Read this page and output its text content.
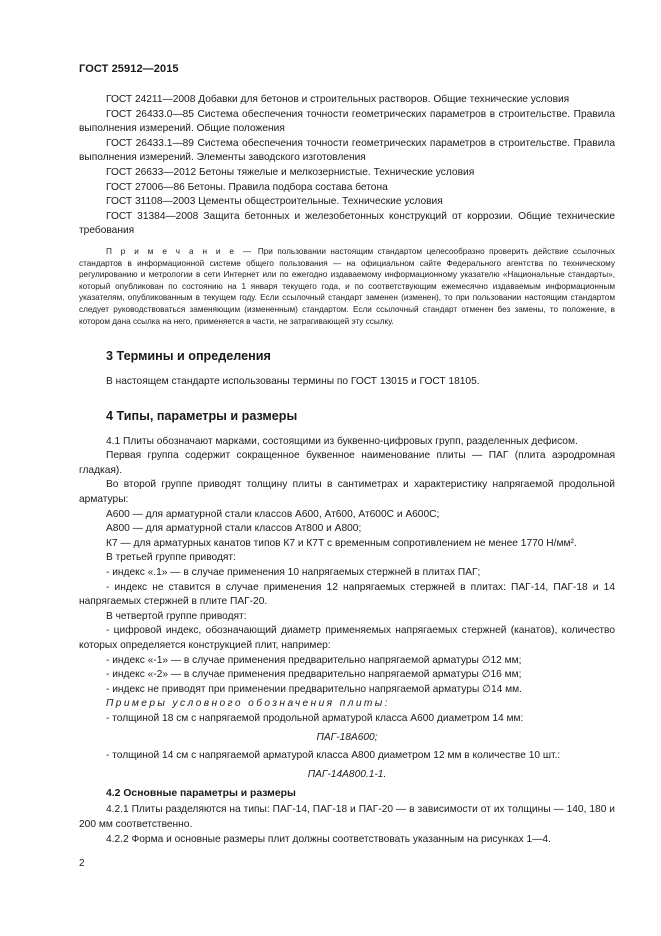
ГОСТ 25912—2015

ГОСТ 24211—2008 Добавки для бетонов и строительных растворов. Общие технические условия

ГОСТ 26433.0—85 Система обеспечения точности геометрических параметров в строительстве. Правила выполнения измерений. Общие положения

ГОСТ 26433.1—89 Система обеспечения точности геометрических параметров в строительстве. Правила выполнения измерений. Элементы заводского изготовления

ГОСТ 26633—2012 Бетоны тяжелые и мелкозернистые. Технические условия

ГОСТ 27006—86 Бетоны. Правила подбора состава бетона

ГОСТ 31108—2003 Цементы общестроительные. Технические условия

ГОСТ 31384—2008 Защита бетонных и железобетонных конструкций от коррозии. Общие технические требования

П р и м е ч а н и е — При пользовании настоящим стандартом целесообразно проверить действие ссылочных стандартов в информационной системе общего пользования — на официальном сайте Федерального агентства по техническому регулированию и метрологии в сети Интернет или по ежегодно издаваемому информационному указателю «Национальные стандарты», который опубликован по состоянию на 1 января текущего года, и по соответствующим ежемесячно издаваемым информационным указателям, опубликованным в текущем году. Если ссылочный стандарт заменен (изменен), то при пользовании настоящим стандартом следует руководствоваться заменяющим (измененным) стандартом. Если ссылочный стандарт отменен без замены, то положение, в котором дана ссылка на него, применяется в части, не затрагивающей эту ссылку.

3 Термины и определения

В настоящем стандарте использованы термины по ГОСТ 13015 и ГОСТ 18105.

4 Типы, параметры и размеры

4.1 Плиты обозначают марками, состоящими из буквенно-цифровых групп, разделенных дефисом.

Первая группа содержит сокращенное буквенное наименование плиты — ПАГ (плита аэродромная гладкая).

Во второй группе приводят толщину плиты в сантиметрах и характеристику напрягаемой продольной арматуры:

А600 — для арматурной стали классов А600, Ат600, Ат600С и А600С;

А800 — для арматурной стали классов Ат800 и А800;

К7 — для арматурных канатов типов К7 и К7Т с временным сопротивлением не менее 1770 Н/мм².

В третьей группе приводят:

- индекс «.1» — в случае применения 10 напрягаемых стержней в плитах ПАГ;

- индекс не ставится в случае применения 12 напрягаемых стержней в плитах: ПАГ-14, ПАГ-18 и 14 напрягаемых стержней в плите ПАГ-20.

В четвертой группе приводят:

- цифровой индекс, обозначающий диаметр применяемых напрягаемых стержней (канатов), количество которых определяется конструкцией плит, например:

- индекс «-1» — в случае применения предварительно напрягаемой арматуры ∅12 мм;

- индекс «-2» — в случае применения предварительно напрягаемой арматуры ∅16 мм;

- индекс не приводят при применении предварительно напрягаемой арматуры ∅14 мм.

Примеры условного обозначения плиты:

- толщиной 18 см с напрягаемой продольной арматурой класса А600 диаметром 14 мм:

ПАГ-18А600;

- толщиной 14 см с напрягаемой арматурой класса А800 диаметром 12 мм в количестве 10 шт.:

ПАГ-14А800.1-1.

4.2 Основные параметры и размеры

4.2.1 Плиты разделяются на типы: ПАГ-14, ПАГ-18 и ПАГ-20 — в зависимости от их толщины — 140, 180 и 200 мм соответственно.

4.2.2 Форма и основные размеры плит должны соответствовать указанным на рисунках 1—4.

2
